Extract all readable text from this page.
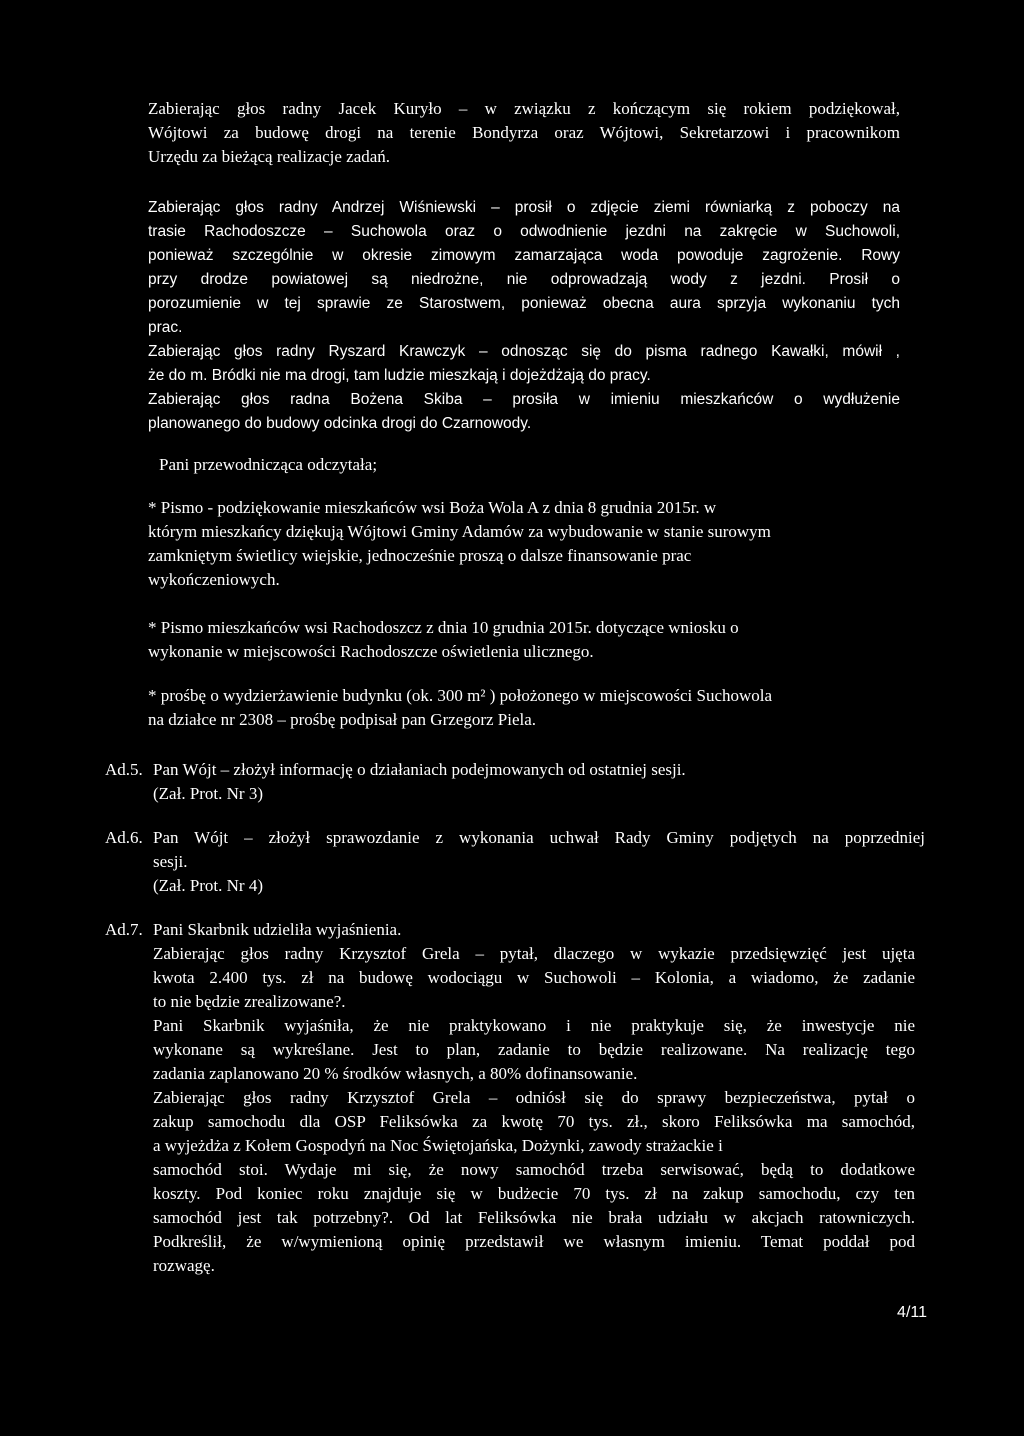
Zabierając głos radny Jacek Kuryło – w związku z kończącym się rokiem podziękował,
Wójtowi za budowę drogi na terenie Bondyrza oraz Wójtowi, Sekretarzowi i pracownikom
Urzędu za bieżącą realizacje zadań.
Zabierając głos radny Andrzej Wiśniewski – prosił o zdjęcie ziemi równiarką z poboczy na
trasie Rachodoszcze – Suchowola oraz o odwodnienie jezdni na zakręcie w Suchowoli,
ponieważ szczególnie w okresie zimowym zamarzająca woda powoduje zagrożenie. Rowy
przy drodze powiatowej są niedrożne, nie odprowadzają wody z jezdni. Prosił o
porozumienie w tej sprawie ze Starostwem, ponieważ obecna aura sprzyja wykonaniu tych
prac.
Zabierając głos radny Ryszard Krawczyk – odnosząc się do pisma radnego Kawałki, mówił ,
że do m. Bródki nie ma drogi, tam ludzie mieszkają i dojeżdżają do pracy.
Zabierając głos radna Bożena Skiba – prosiła w imieniu mieszkańców o wydłużenie
planowanego do budowy odcinka drogi do Czarnowody.
Pani przewodnicząca odczytała;
* Pismo - podziękowanie mieszkańców wsi Boża Wola A z dnia 8 grudnia 2015r. w
którym mieszkańcy dziękują Wójtowi Gminy Adamów za wybudowanie w stanie surowym
zamkniętym świetlicy wiejskie, jednocześnie proszą o dalsze finansowanie prac
wykończeniowych.
* Pismo mieszkańców wsi Rachodoszcz z dnia 10 grudnia 2015r. dotyczące wniosku o
wykonanie w miejscowości Rachodoszcze oświetlenia ulicznego.
* prośbę o wydzierżawienie budynku (ok. 300 m² ) położonego w miejscowości Suchowola
na działce nr 2308 – prośbę podpisał pan Grzegorz Piela.
Ad.5. Pan Wójt – złożył informację o działaniach podejmowanych od ostatniej sesji.
(Zał. Prot. Nr 3)
Ad.6. Pan Wójt – złożył sprawozdanie z wykonania uchwał Rady Gminy podjętych na poprzedniej
sesji.
(Zał. Prot. Nr 4)
Ad.7. Pani Skarbnik udzieliła wyjaśnienia.
Zabierając głos radny Krzysztof Grela – pytał, dlaczego w wykazie przedsięwzięć jest ujęta
kwota 2.400 tys. zł na budowę wodociągu w Suchowoli – Kolonia, a wiadomo, że zadanie
to nie będzie zrealizowane?.
Pani Skarbnik wyjaśniła, że nie praktykowano i nie praktykuje się, że inwestycje nie
wykonane są wykreślane. Jest to plan, zadanie to będzie realizowane. Na realizację tego
zadania zaplanowano 20 % środków własnych, a 80% dofinansowanie.
Zabierając głos radny Krzysztof Grela – odniósł się do sprawy bezpieczeństwa, pytał o
zakup samochodu dla OSP Feliksówka za kwotę 70 tys. zł., skoro Feliksówka ma samochód,
a wyjeżdża z Kołem Gospodyń na Noc Świętojańska, Dożynki, zawody strażackie i
samochód stoi. Wydaje mi się, że nowy samochód trzeba serwisować, będą to dodatkowe
koszty. Pod koniec roku znajduje się w budżecie 70 tys. zł na zakup samochodu, czy ten
samochód jest tak potrzebny?. Od lat Feliksówka nie brała udziału w akcjach ratowniczych.
Podkreślił, że w/wymienioną opinię przedstawił we własnym imieniu. Temat poddał pod
rozwagę.
4/11
